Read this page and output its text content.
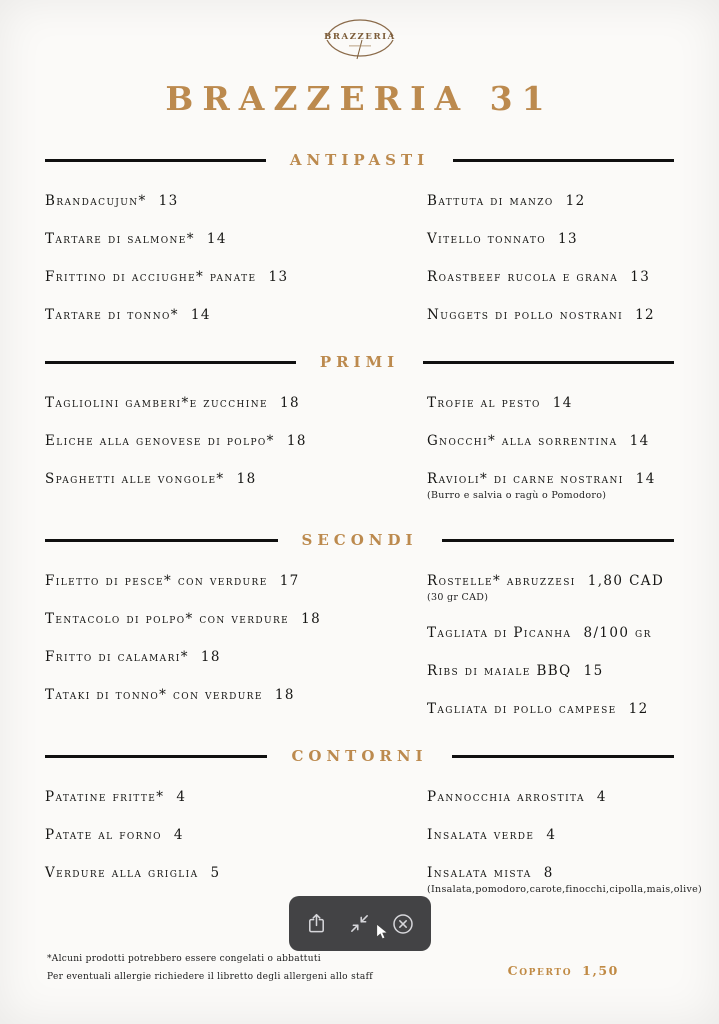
BRAZZERIA
BRAZZERIA 31
ANTIPASTI
Brandacujun* 13
Tartare di salmone* 14
Frittino di acciughe* panate 13
Tartare di tonno* 14
Battuta di manzo 12
Vitello tonnato 13
Roastbeef rucola e grana 13
Nuggets di pollo nostrani 12
PRIMI
Tagliolini gamberi*e zucchine 18
Eliche alla genovese di polpo* 18
Spaghetti alle vongole* 18
Trofie al pesto 14
Gnocchi* alla sorrentina 14
Ravioli* di carne nostrani 14
(Burro e salvia o ragù o Pomodoro)
SECONDI
Filetto di pesce* con verdure 17
Tentacolo di polpo* con verdure 18
Fritto di calamari* 18
Tataki di tonno* con verdure 18
Rostelle* abruzzesi 1,80 CAD
(30 gr CAD)
Tagliata di Picanha 8/100 gr
Ribs di maiale BBQ 15
Tagliata di pollo campese 12
CONTORNI
Patatine fritte* 4
Patate al forno 4
Verdure alla griglia 5
Pannocchia arrostita 4
Insalata verde 4
Insalata mista 8
(Insalata,pomodoro,carote,finocchi,cipolla,mais,olive)
*Alcuni prodotti potrebbero essere congelati o abbattuti
Per eventuali allergie richiedere il libretto degli allergeni allo staff	Coperto 1,50
